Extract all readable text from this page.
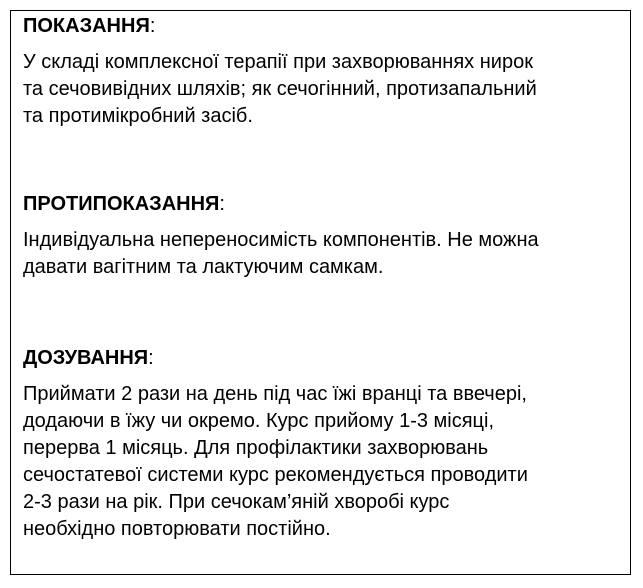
ПОКАЗАННЯ:
У складі комплексної терапії при захворюваннях нирок
та сечовивідних шляхів; як сечогінний, протизапальний
та протимікробний засіб.
ПРОТИПОКАЗАННЯ:
Індивідуальна непереносимість компонентів. Не можна
давати вагітним та лактуючим самкам.
ДОЗУВАННЯ:
Приймати 2 рази на день під час їжі вранці та ввечері,
додаючи в їжу чи окремо. Курс прийому 1-3 місяці,
перерва 1 місяць. Для профілактики захворювань
сечостатевої системи курс рекомендується проводити
2-3 рази на рік. При сечокам’яній хворобі курс
необхідно повторювати постійно.
